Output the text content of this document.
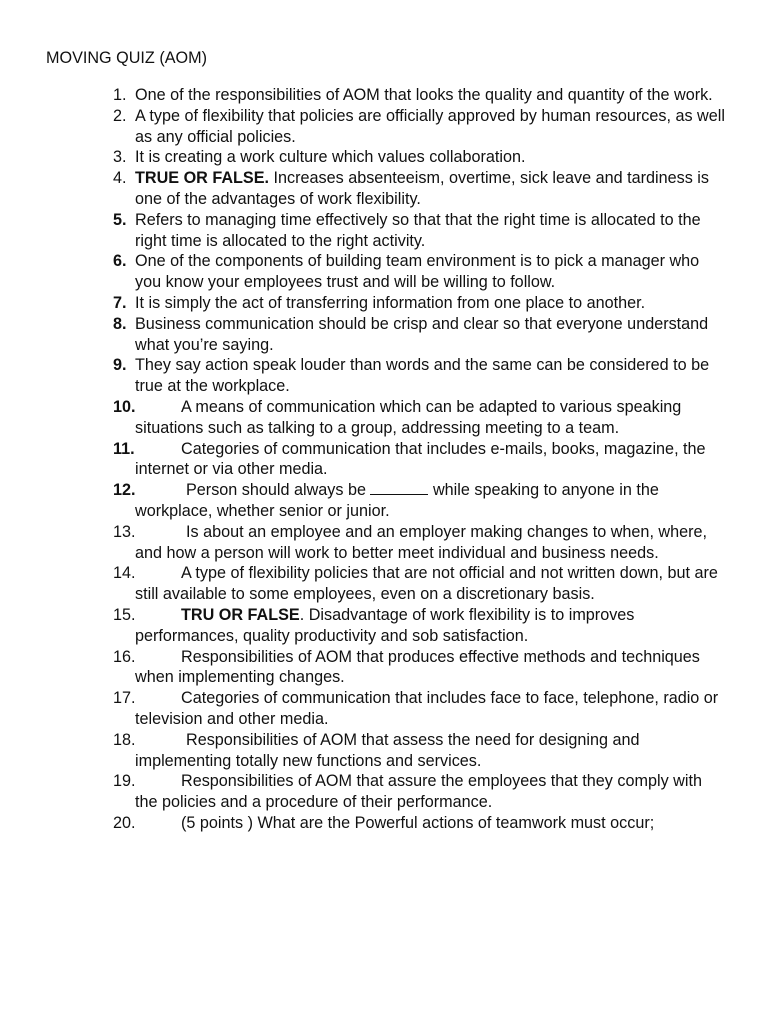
MOVING QUIZ (AOM)
1. One of the responsibilities of AOM that looks the quality and quantity of the work.
2. A type of flexibility that policies are officially approved by human resources, as well as any official policies.
3. It is creating a work culture which values collaboration.
4. TRUE OR FALSE. Increases absenteeism, overtime, sick leave and tardiness is one of the advantages of work flexibility.
5. Refers to managing time effectively so that that the right time is allocated to the right time is allocated to the right activity.
6. One of the components of building team environment is to pick a manager who you know your employees trust and will be willing to follow.
7. It is simply the act of transferring information from one place to another.
8. Business communication should be crisp and clear so that everyone understand what you’re saying.
9. They say action speak louder than words and the same can be considered to be true at the workplace.
10.	A means of communication which can be adapted to various speaking situations such as talking to a group, addressing meeting to a team.
11.	Categories of communication that includes e-mails, books, magazine, the internet or via other media.
12.	Person should always be	while speaking to anyone in the workplace, whether senior or junior.
13.	Is about an employee and an employer making changes to when, where, and how a person will work to better meet individual and business needs.
14.	A type of flexibility policies that are not official and not written down, but are still available to some employees, even on a discretionary basis.
15.	TRU OR FALSE. Disadvantage of work flexibility is to improves performances, quality productivity and sob satisfaction.
16.	Responsibilities of AOM that produces effective methods and techniques when implementing changes.
17.	Categories of communication that includes face to face, telephone, radio or television and other media.
18.	Responsibilities of AOM that assess the need for designing and implementing totally new functions and services.
19.	Responsibilities of AOM that assure the employees that they comply with the policies and a procedure of their performance.
20.	(5 points ) What are the Powerful actions of teamwork must occur;
